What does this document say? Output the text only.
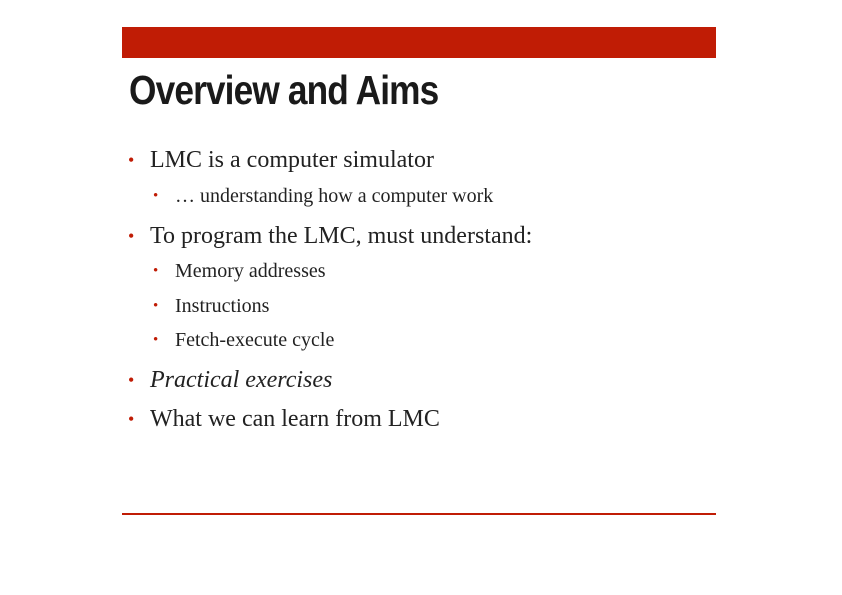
Overview and Aims
• LMC is a computer simulator
• … understanding how a computer work
• To program the LMC, must understand:
• Memory addresses
• Instructions
• Fetch-execute cycle
• Practical exercises
• What we can learn from LMC
